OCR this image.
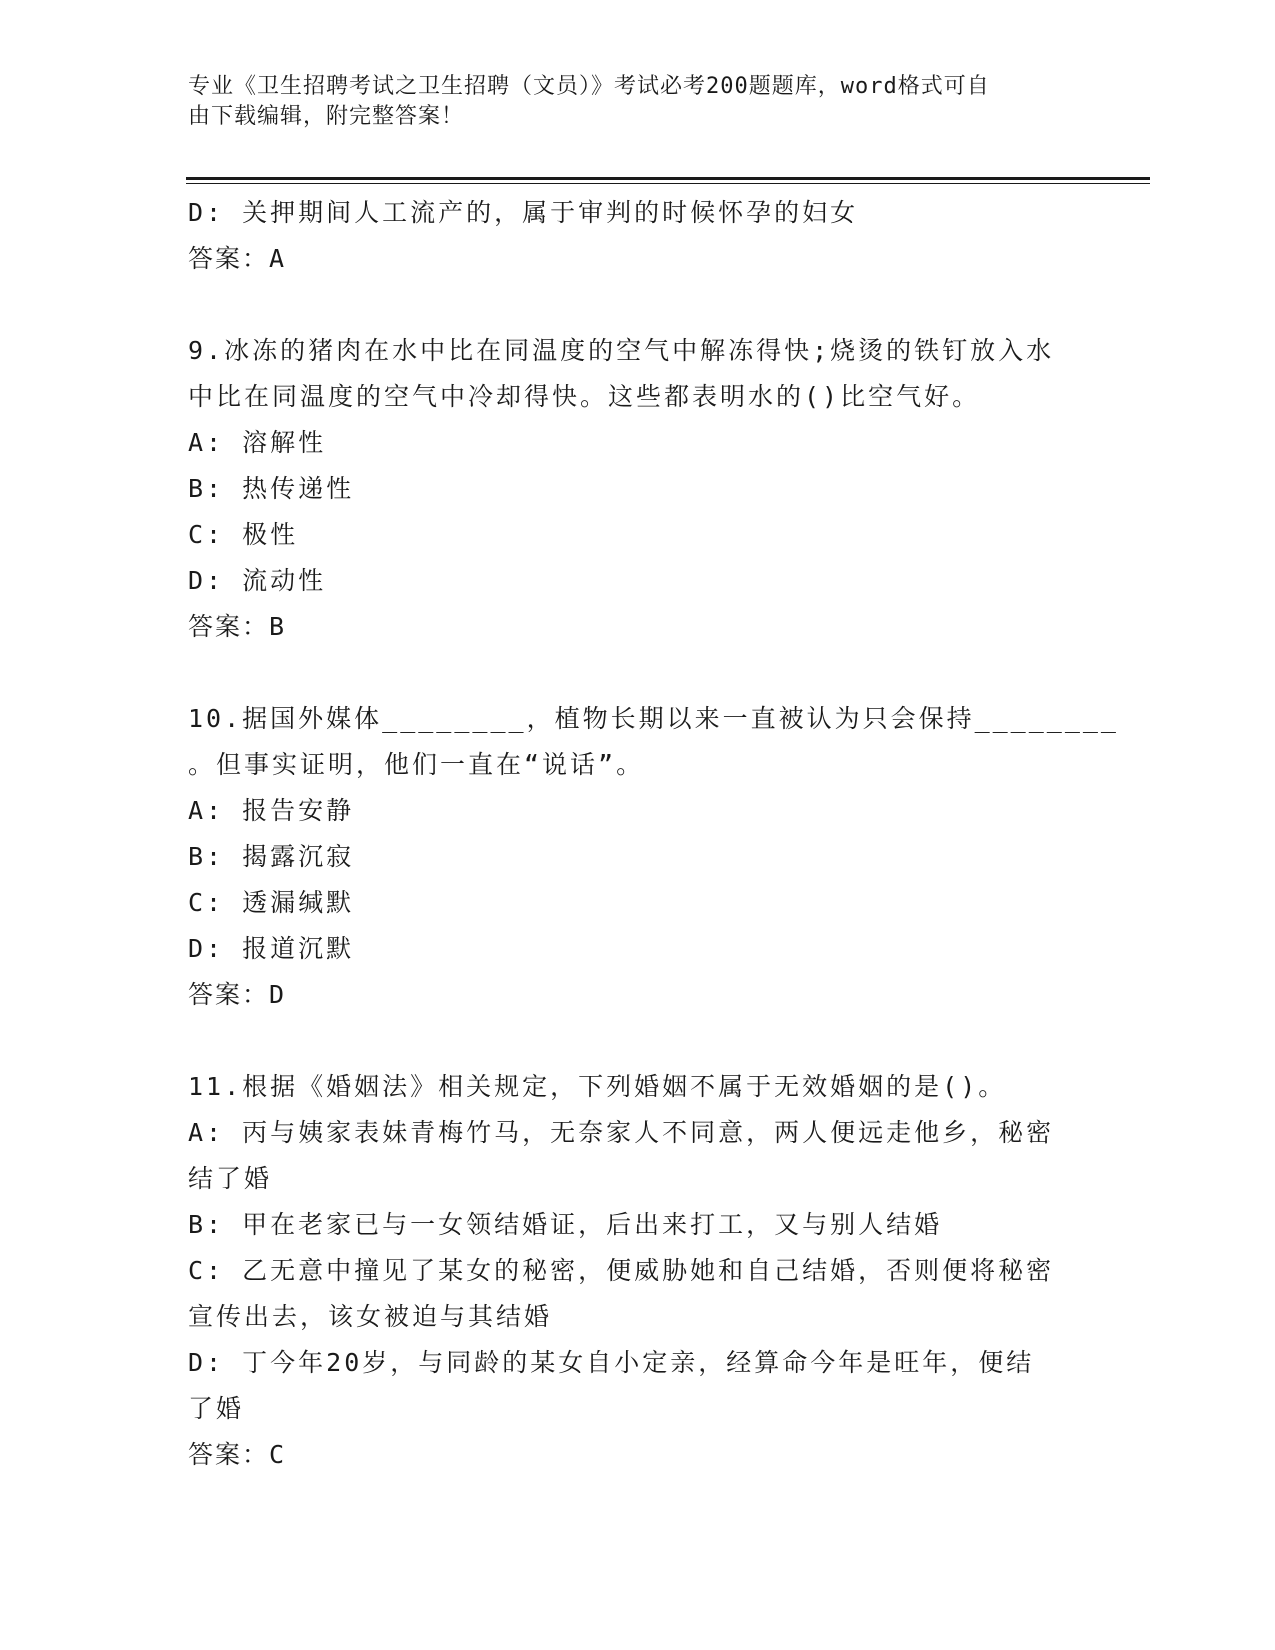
专业《卫生招聘考试之卫生招聘（文员）》考试必考200题题库，word格式可自
由下载编辑，附完整答案！
D: 关押期间人工流产的，属于审判的时候怀孕的妇女
答案：A
9.冰冻的猪肉在水中比在同温度的空气中解冻得快;烧烫的铁钉放入水
中比在同温度的空气中冷却得快。这些都表明水的()比空气好。
A: 溶解性
B: 热传递性
C: 极性
D: 流动性
答案：B
10.据国外媒体________，植物长期以来一直被认为只会保持________
。但事实证明，他们一直在“说话”。
A: 报告安静
B: 揭露沉寂
C: 透漏缄默
D: 报道沉默
答案：D
11.根据《婚姻法》相关规定，下列婚姻不属于无效婚姻的是()。
A: 丙与姨家表妹青梅竹马，无奈家人不同意，两人便远走他乡，秘密
结了婚
B: 甲在老家已与一女领结婚证，后出来打工，又与别人结婚
C: 乙无意中撞见了某女的秘密，便威胁她和自己结婚，否则便将秘密
宣传出去，该女被迫与其结婚
D: 丁今年20岁，与同龄的某女自小定亲，经算命今年是旺年，便结
了婚
答案：C
